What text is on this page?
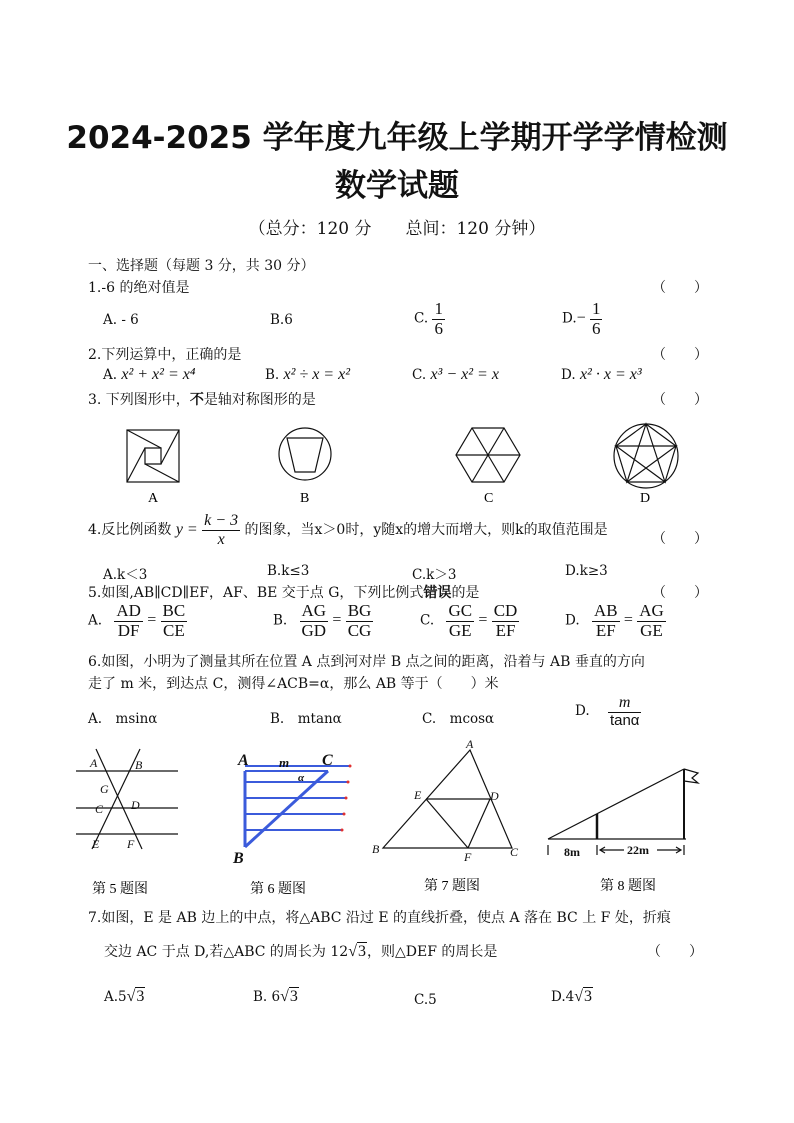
2024-2025 学年度九年级上学期开学学情检测
数学试题
（总分：120 分　　总间：120 分钟）
一、选择题（每题 3 分，共 30 分）
1.-6 的绝对值是	（　　）
A. - 6	B.6	C. $\frac{1}{6}$	$D.- \frac{1}{6}$
2.下列运算中，正确的是	（　　）
A. x² + x² = x⁴	B. x² ÷ x = x²	C. x³ − x² = x	D. x² · x = x³
3. 下列图形中，不是轴对称图形的是	（　　）
A	B	C	D
4.反比例函数 $y = \frac{k - 3}{x}$ 的图象，当x＞0时，y随x的增大而增大，则k的取值范围是
（　　）
A.k＜3	B.k≤3	C.k＞3	D.k≥3
5.如图,AB∥CD∥EF，AF、BE 交于点 G，下列比例式错误的是	（　　）
A. $\frac{AD}{DF} = \frac{BC}{CE}$	B. $\frac{AG}{GD} = \frac{BG}{CG}$	C. $\frac{GC}{GE} = \frac{CD}{EF}$	D. $\frac{AB}{EF} = \frac{AG}{GE}$
6.如图，小明为了测量其所在位置 A 点到河对岸 B 点之间的距离，沿着与 AB 垂直的方向
走了 m 米，到达点 C，测得∠ACB=α，那么 AB 等于（　　）米
A.　msinα	B.　mtanα	C.　mcosα	D. $\frac{m}{\tan\alpha}$
A	B
G
C D
E F
第 5 题图
A	C
B
m
α
第 6 题图
A
B	C
D
E
F
第 7 题图
8m	22m
第 8 题图
7.如图，E 是 AB 边上的中点，将△ABC 沿过 E 的直线折叠，使点 A 落在 BC 上 F 处，折痕
交边 AC 于点 D,若△ABC 的周长为 12√3，则△DEF 的周长是	（　　）
A.5√3	B. 6√3	C.5	D.4√3
